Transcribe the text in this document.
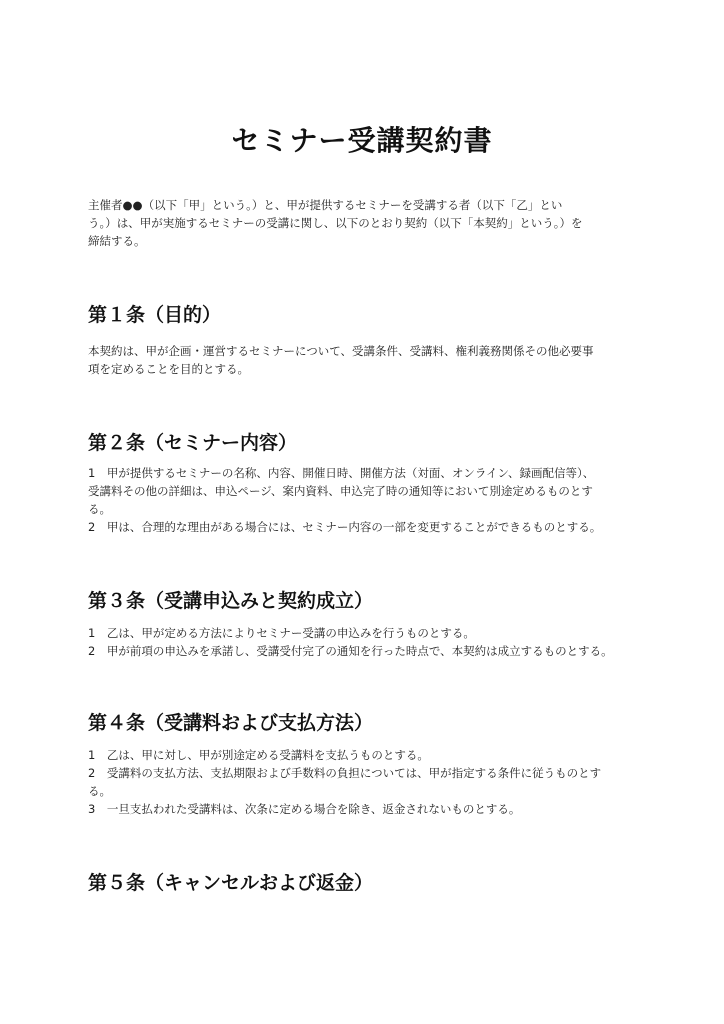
セミナー受講契約書
主催者●●（以下「甲」という。）と、甲が提供するセミナーを受講する者（以下「乙」とい
う。）は、甲が実施するセミナーの受講に関し、以下のとおり契約（以下「本契約」という。）を
締結する。
第１条（目的）
本契約は、甲が企画・運営するセミナーについて、受講条件、受講料、権利義務関係その他必要事
項を定めることを目的とする。
第２条（セミナー内容）
1　甲が提供するセミナーの名称、内容、開催日時、開催方法（対面、オンライン、録画配信等）、
受講料その他の詳細は、申込ページ、案内資料、申込完了時の通知等において別途定めるものとす
る。
2　甲は、合理的な理由がある場合には、セミナー内容の一部を変更することができるものとする。
第３条（受講申込みと契約成立）
1　乙は、甲が定める方法によりセミナー受講の申込みを行うものとする。
2　甲が前項の申込みを承諾し、受講受付完了の通知を行った時点で、本契約は成立するものとする。
第４条（受講料および支払方法）
1　乙は、甲に対し、甲が別途定める受講料を支払うものとする。
2　受講料の支払方法、支払期限および手数料の負担については、甲が指定する条件に従うものとす
る。
3　一旦支払われた受講料は、次条に定める場合を除き、返金されないものとする。
第５条（キャンセルおよび返金）
